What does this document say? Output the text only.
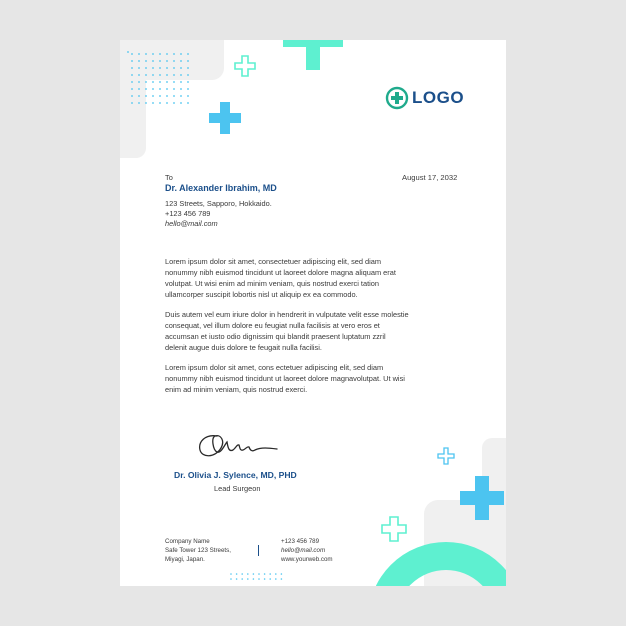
LOGO
To	August 17, 2032
Dr. Alexander Ibrahim, MD
123 Streets, Sapporo, Hokkaido.
+123 456 789
hello@mail.com
Lorem ipsum dolor sit amet, consectetuer adipiscing elit, sed diam
nonummy nibh euismod tincidunt ut laoreet dolore magna aliquam erat
volutpat. Ut wisi enim ad minim veniam, quis nostrud exerci tation
ullamcorper suscipit lobortis nisl ut aliquip ex ea commodo.
Duis autem vel eum iriure dolor in hendrerit in vulputate velit esse molestie
consequat, vel illum dolore eu feugiat nulla facilisis at vero eros et
accumsan et iusto odio dignissim qui blandit praesent luptatum zzril
delenit augue duis dolore te feugait nulla facilisi.
Lorem ipsum dolor sit amet, cons ectetuer adipiscing elit, sed diam
nonummy nibh euismod tincidunt ut laoreet dolore magnavolutpat. Ut wisi
enim ad minim veniam, quis nostrud exerci.
Dr. Olivia J. Sylence, MD, PHD
Lead Surgeon
Company Name
Safe Tower 123 Streets,
Miyagi, Japan.
+123 456 789
hello@mail.com
www.yourweb.com
